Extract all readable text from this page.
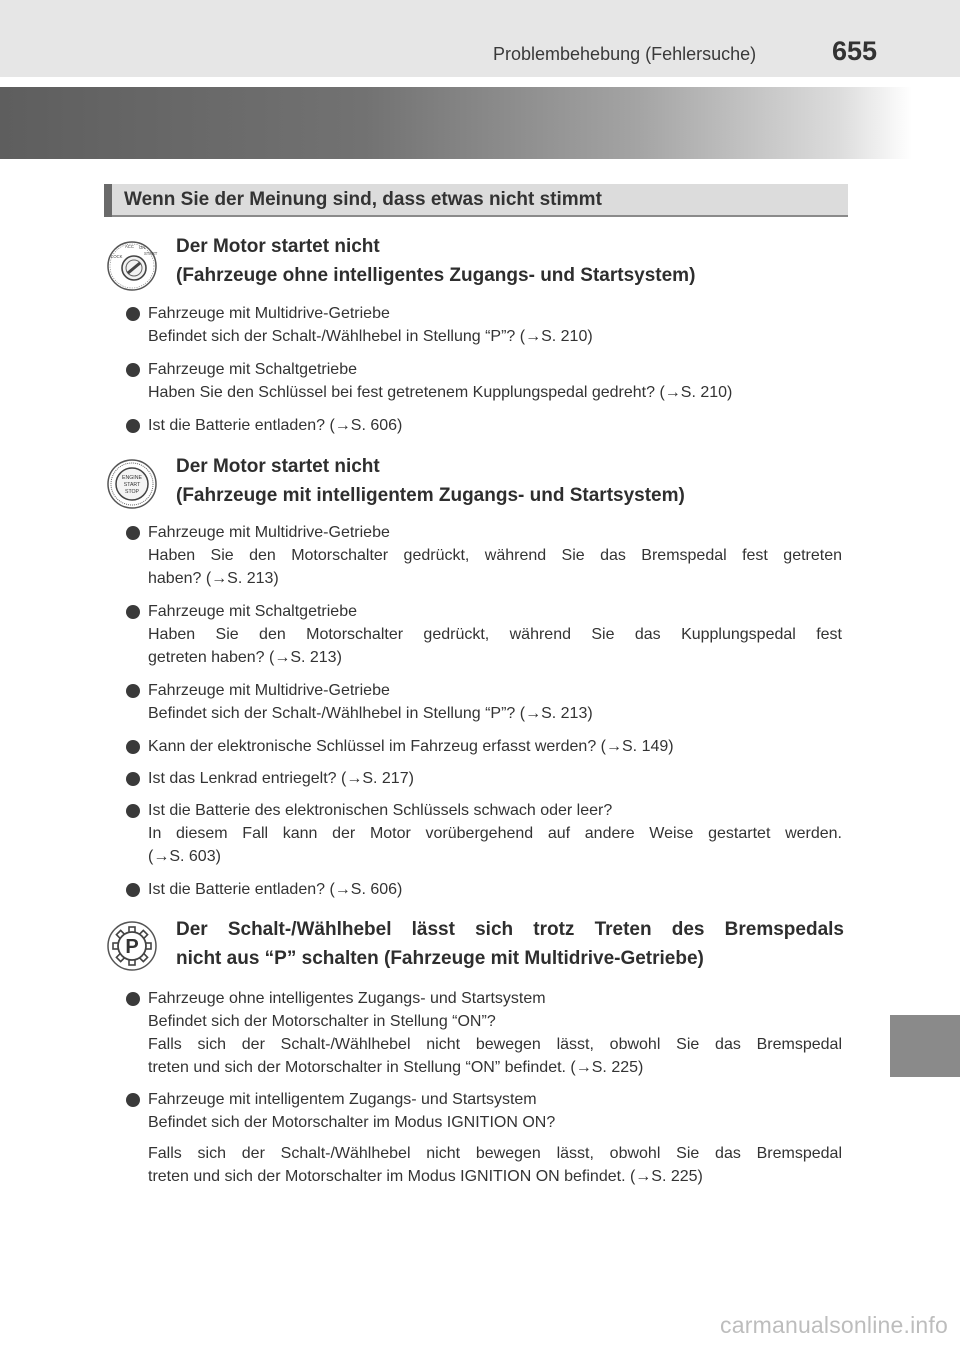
Problembehebung (Fehlersuche)	655
Wenn Sie der Meinung sind, dass etwas nicht stimmt
LOCK
ACC ON
START
ENGINE
START
STOP
P
Der Motor startet nicht
(Fahrzeuge ohne intelligentes Zugangs- und Startsystem)
Fahrzeuge mit Multidrive-Getriebe
Befindet sich der Schalt-/Wählhebel in Stellung “P”? (→S. 210)
Fahrzeuge mit Schaltgetriebe
Haben Sie den Schlüssel bei fest getretenem Kupplungspedal gedreht? (→S. 210)
Ist die Batterie entladen? (→S. 606)
Der Motor startet nicht
(Fahrzeuge mit intelligentem Zugangs- und Startsystem)
Fahrzeuge mit Multidrive-Getriebe
Haben Sie den Motorschalter gedrückt, während Sie das Bremspedal fest getreten
haben? (→S. 213)
Fahrzeuge mit Schaltgetriebe
Haben Sie den Motorschalter gedrückt, während Sie das Kupplungspedal fest
getreten haben? (→S. 213)
Fahrzeuge mit Multidrive-Getriebe
Befindet sich der Schalt-/Wählhebel in Stellung “P”? (→S. 213)
Kann der elektronische Schlüssel im Fahrzeug erfasst werden? (→S. 149)
Ist das Lenkrad entriegelt? (→S. 217)
Ist die Batterie des elektronischen Schlüssels schwach oder leer?
In diesem Fall kann der Motor vorübergehend auf andere Weise gestartet werden.
(→S. 603)
Ist die Batterie entladen? (→S. 606)
Der Schalt-/Wählhebel lässt sich trotz Treten des Bremspedals
nicht aus “P” schalten (Fahrzeuge mit Multidrive-Getriebe)
Fahrzeuge ohne intelligentes Zugangs- und Startsystem
Befindet sich der Motorschalter in Stellung “ON”?
Falls sich der Schalt-/Wählhebel nicht bewegen lässt, obwohl Sie das Bremspedal
treten und sich der Motorschalter in Stellung “ON” befindet. (→S. 225)
Fahrzeuge mit intelligentem Zugangs- und Startsystem
Befindet sich der Motorschalter im Modus IGNITION ON?
Falls sich der Schalt-/Wählhebel nicht bewegen lässt, obwohl Sie das Bremspedal
treten und sich der Motorschalter im Modus IGNITION ON befindet. (→S. 225)
carmanualsonline.info
